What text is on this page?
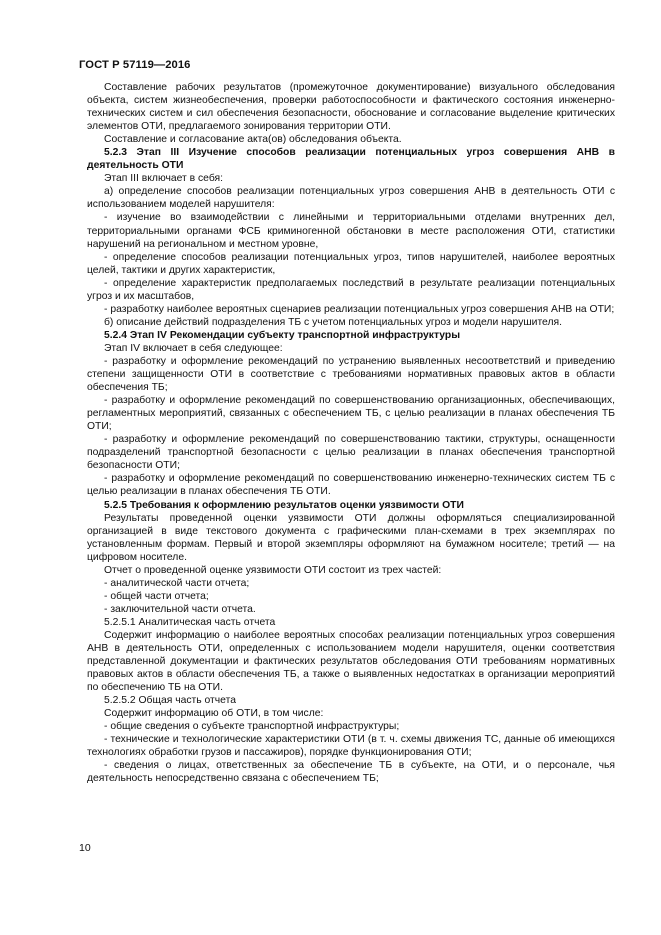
ГОСТ Р 57119—2016

Составление рабочих результатов (промежуточное документирование) визуального обследования объекта, систем жизнеобеспечения, проверки работоспособности и фактического состояния инженерно-технических систем и сил обеспечения безопасности, обоснование и согласование выделение критических элементов ОТИ, предлагаемого зонирования территории ОТИ.

Составление и согласование акта(ов) обследования объекта.

5.2.3 Этап III Изучение способов реализации потенциальных угроз совершения АНВ в деятельность ОТИ

Этап III включает в себя:

а) определение способов реализации потенциальных угроз совершения АНВ в деятельность ОТИ с использованием моделей нарушителя:

- изучение во взаимодействии с линейными и территориальными отделами внутренних дел, территориальными органами ФСБ криминогенной обстановки в месте расположения ОТИ, статистики нарушений на региональном и местном уровне,

- определение способов реализации потенциальных угроз, типов нарушителей, наиболее вероятных целей, тактики и других характеристик,

- определение характеристик предполагаемых последствий в результате реализации потенциальных угроз и их масштабов,

- разработку наиболее вероятных сценариев реализации потенциальных угроз совершения АНВ на ОТИ;

б) описание действий подразделения ТБ с учетом потенциальных угроз и модели нарушителя.

5.2.4 Этап IV Рекомендации субъекту транспортной инфраструктуры

Этап IV включает в себя следующее:

- разработку и оформление рекомендаций по устранению выявленных несоответствий и приведению степени защищенности ОТИ в соответствие с требованиями нормативных правовых актов в области обеспечения ТБ;

- разработку и оформление рекомендаций по совершенствованию организационных, обеспечивающих, регламентных мероприятий, связанных с обеспечением ТБ, с целью реализации в планах обеспечения ТБ ОТИ;

- разработку и оформление рекомендаций по совершенствованию тактики, структуры, оснащенности подразделений транспортной безопасности с целью реализации в планах обеспечения транспортной безопасности ОТИ;

- разработку и оформление рекомендаций по совершенствованию инженерно-технических систем ТБ с целью реализации в планах обеспечения ТБ ОТИ.

5.2.5 Требования к оформлению результатов оценки уязвимости ОТИ

Результаты проведенной оценки уязвимости ОТИ должны оформляться специализированной организацией в виде текстового документа с графическими план-схемами в трех экземплярах по установленным формам. Первый и второй экземпляры оформляют на бумажном носителе; третий — на цифровом носителе.

Отчет о проведенной оценке уязвимости ОТИ состоит из трех частей:

- аналитической части отчета;

- общей части отчета;

- заключительной части отчета.

5.2.5.1 Аналитическая часть отчета

Содержит информацию о наиболее вероятных способах реализации потенциальных угроз совершения АНВ в деятельность ОТИ, определенных с использованием модели нарушителя, оценки соответствия представленной документации и фактических результатов обследования ОТИ требованиям нормативных правовых актов в области обеспечения ТБ, а также о выявленных недостатках в организации мероприятий по обеспечению ТБ на ОТИ.

5.2.5.2 Общая часть отчета

Содержит информацию об ОТИ, в том числе:

- общие сведения о субъекте транспортной инфраструктуры;

- технические и технологические характеристики ОТИ (в т. ч. схемы движения ТС, данные об имеющихся технологиях обработки грузов и пассажиров), порядке функционирования ОТИ;

- сведения о лицах, ответственных за обеспечение ТБ в субъекте, на ОТИ, и о персонале, чья деятельность непосредственно связана с обеспечением ТБ;

10
